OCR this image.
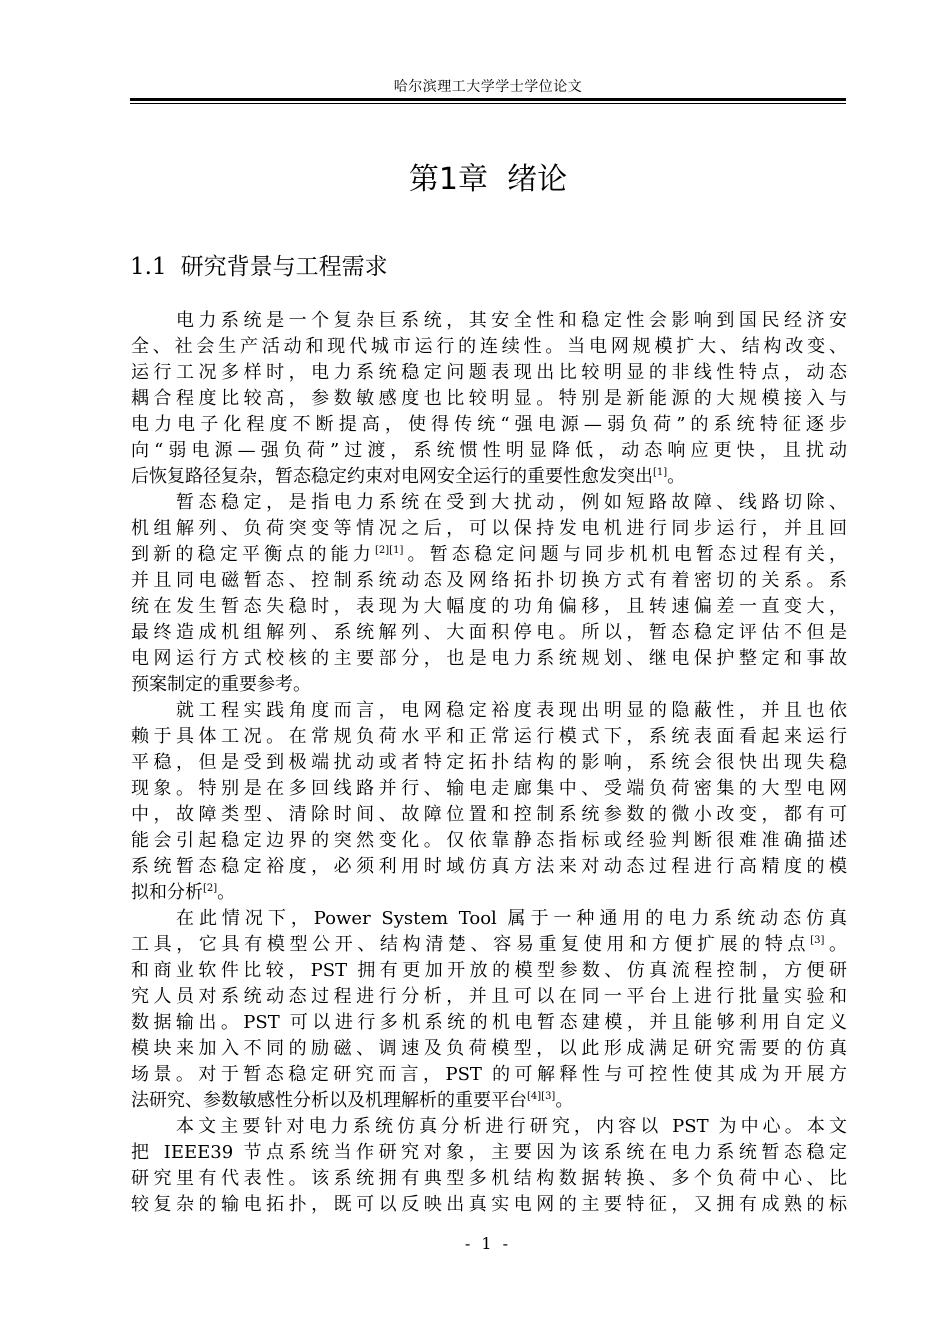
哈尔滨理工大学学士学位论文
第1章 绪论
1.1 研究背景与工程需求
电力系统是一个复杂巨系统，其安全性和稳定性会影响到国民经济安
全、社会生产活动和现代城市运行的连续性。当电网规模扩大、结构改变、
运行工况多样时，电力系统稳定问题表现出比较明显的非线性特点，动态
耦合程度比较高，参数敏感度也比较明显。特别是新能源的大规模接入与
电力电子化程度不断提高，使得传统“强电源—弱负荷”的系统特征逐步
向“弱电源—强负荷”过渡，系统惯性明显降低，动态响应更快，且扰动
后恢复路径复杂，暂态稳定约束对电网安全运行的重要性愈发突出[1]。
暂态稳定，是指电力系统在受到大扰动，例如短路故障、线路切除、
机组解列、负荷突变等情况之后，可以保持发电机进行同步运行，并且回
到新的稳定平衡点的能力[2][1]。暂态稳定问题与同步机机电暂态过程有关，
并且同电磁暂态、控制系统动态及网络拓扑切换方式有着密切的关系。系
统在发生暂态失稳时，表现为大幅度的功角偏移，且转速偏差一直变大，
最终造成机组解列、系统解列、大面积停电。所以，暂态稳定评估不但是
电网运行方式校核的主要部分，也是电力系统规划、继电保护整定和事故
预案制定的重要参考。
就工程实践角度而言，电网稳定裕度表现出明显的隐蔽性，并且也依
赖于具体工况。在常规负荷水平和正常运行模式下，系统表面看起来运行
平稳，但是受到极端扰动或者特定拓扑结构的影响，系统会很快出现失稳
现象。特别是在多回线路并行、输电走廊集中、受端负荷密集的大型电网
中，故障类型、清除时间、故障位置和控制系统参数的微小改变，都有可
能会引起稳定边界的突然变化。仅依靠静态指标或经验判断很难准确描述
系统暂态稳定裕度，必须利用时域仿真方法来对动态过程进行高精度的模
拟和分析[2]。
在此情况下，Power System Tool 属于一种通用的电力系统动态仿真
工具，它具有模型公开、结构清楚、容易重复使用和方便扩展的特点[3]。
和商业软件比较，PST 拥有更加开放的模型参数、仿真流程控制，方便研
究人员对系统动态过程进行分析，并且可以在同一平台上进行批量实验和
数据输出。PST 可以进行多机系统的机电暂态建模，并且能够利用自定义
模块来加入不同的励磁、调速及负荷模型，以此形成满足研究需要的仿真
场景。对于暂态稳定研究而言，PST 的可解释性与可控性使其成为开展方
法研究、参数敏感性分析以及机理解析的重要平台[4][3]。
本文主要针对电力系统仿真分析进行研究，内容以 PST 为中心。本文
把 IEEE39 节点系统当作研究对象，主要因为该系统在电力系统暂态稳定
研究里有代表性。该系统拥有典型多机结构数据转换、多个负荷中心、比
较复杂的输电拓扑，既可以反映出真实电网的主要特征，又拥有成熟的标
- 1 -
